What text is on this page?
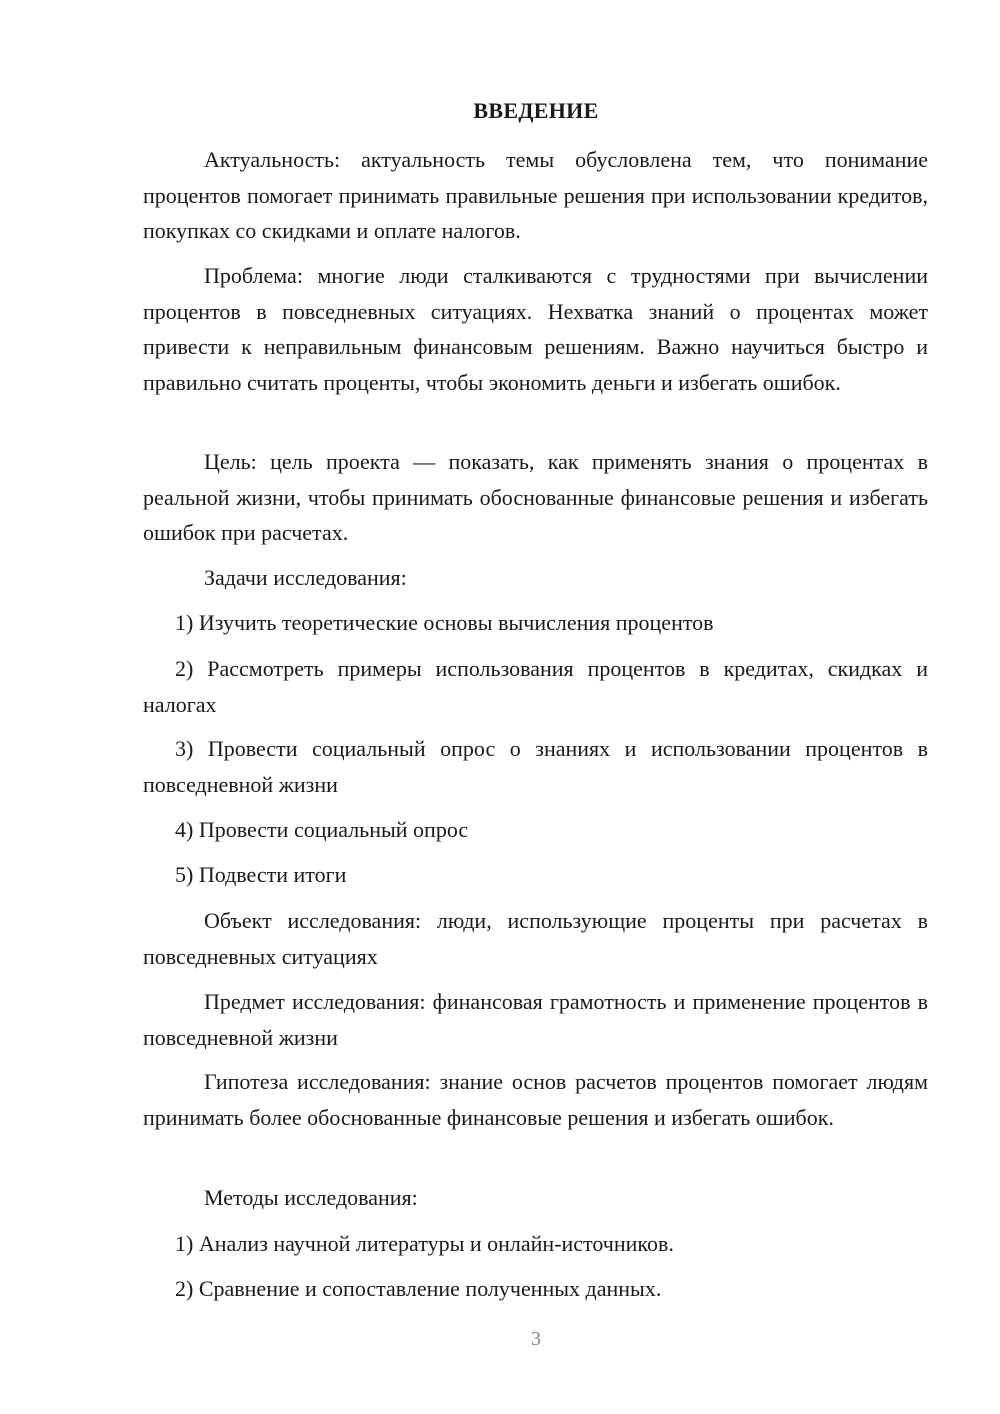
ВВЕДЕНИЕ

Актуальность: актуальность темы обусловлена тем, что понимание процентов помогает принимать правильные решения при использовании кредитов, покупках со скидками и оплате налогов.

Проблема: многие люди сталкиваются с трудностями при вычислении процентов в повседневных ситуациях. Нехватка знаний о процентах может привести к неправильным финансовым решениям. Важно научиться быстро и правильно считать проценты, чтобы экономить деньги и избегать ошибок.

Цель: цель проекта — показать, как применять знания о процентах в реальной жизни, чтобы принимать обоснованные финансовые решения и избегать ошибок при расчетах.

Задачи исследования:

1) Изучить теоретические основы вычисления процентов

2) Рассмотреть примеры использования процентов в кредитах, скидках и налогах

3) Провести социальный опрос о знаниях и использовании процентов в повседневной жизни

4) Провести социальный опрос

5) Подвести итоги

Объект исследования: люди, использующие проценты при расчетах в повседневных ситуациях

Предмет исследования: финансовая грамотность и применение процентов в повседневной жизни

Гипотеза исследования: знание основ расчетов процентов помогает людям принимать более обоснованные финансовые решения и избегать ошибок.

Методы исследования:

1) Анализ научной литературы и онлайн-источников.

2) Сравнение и сопоставление полученных данных.

3
